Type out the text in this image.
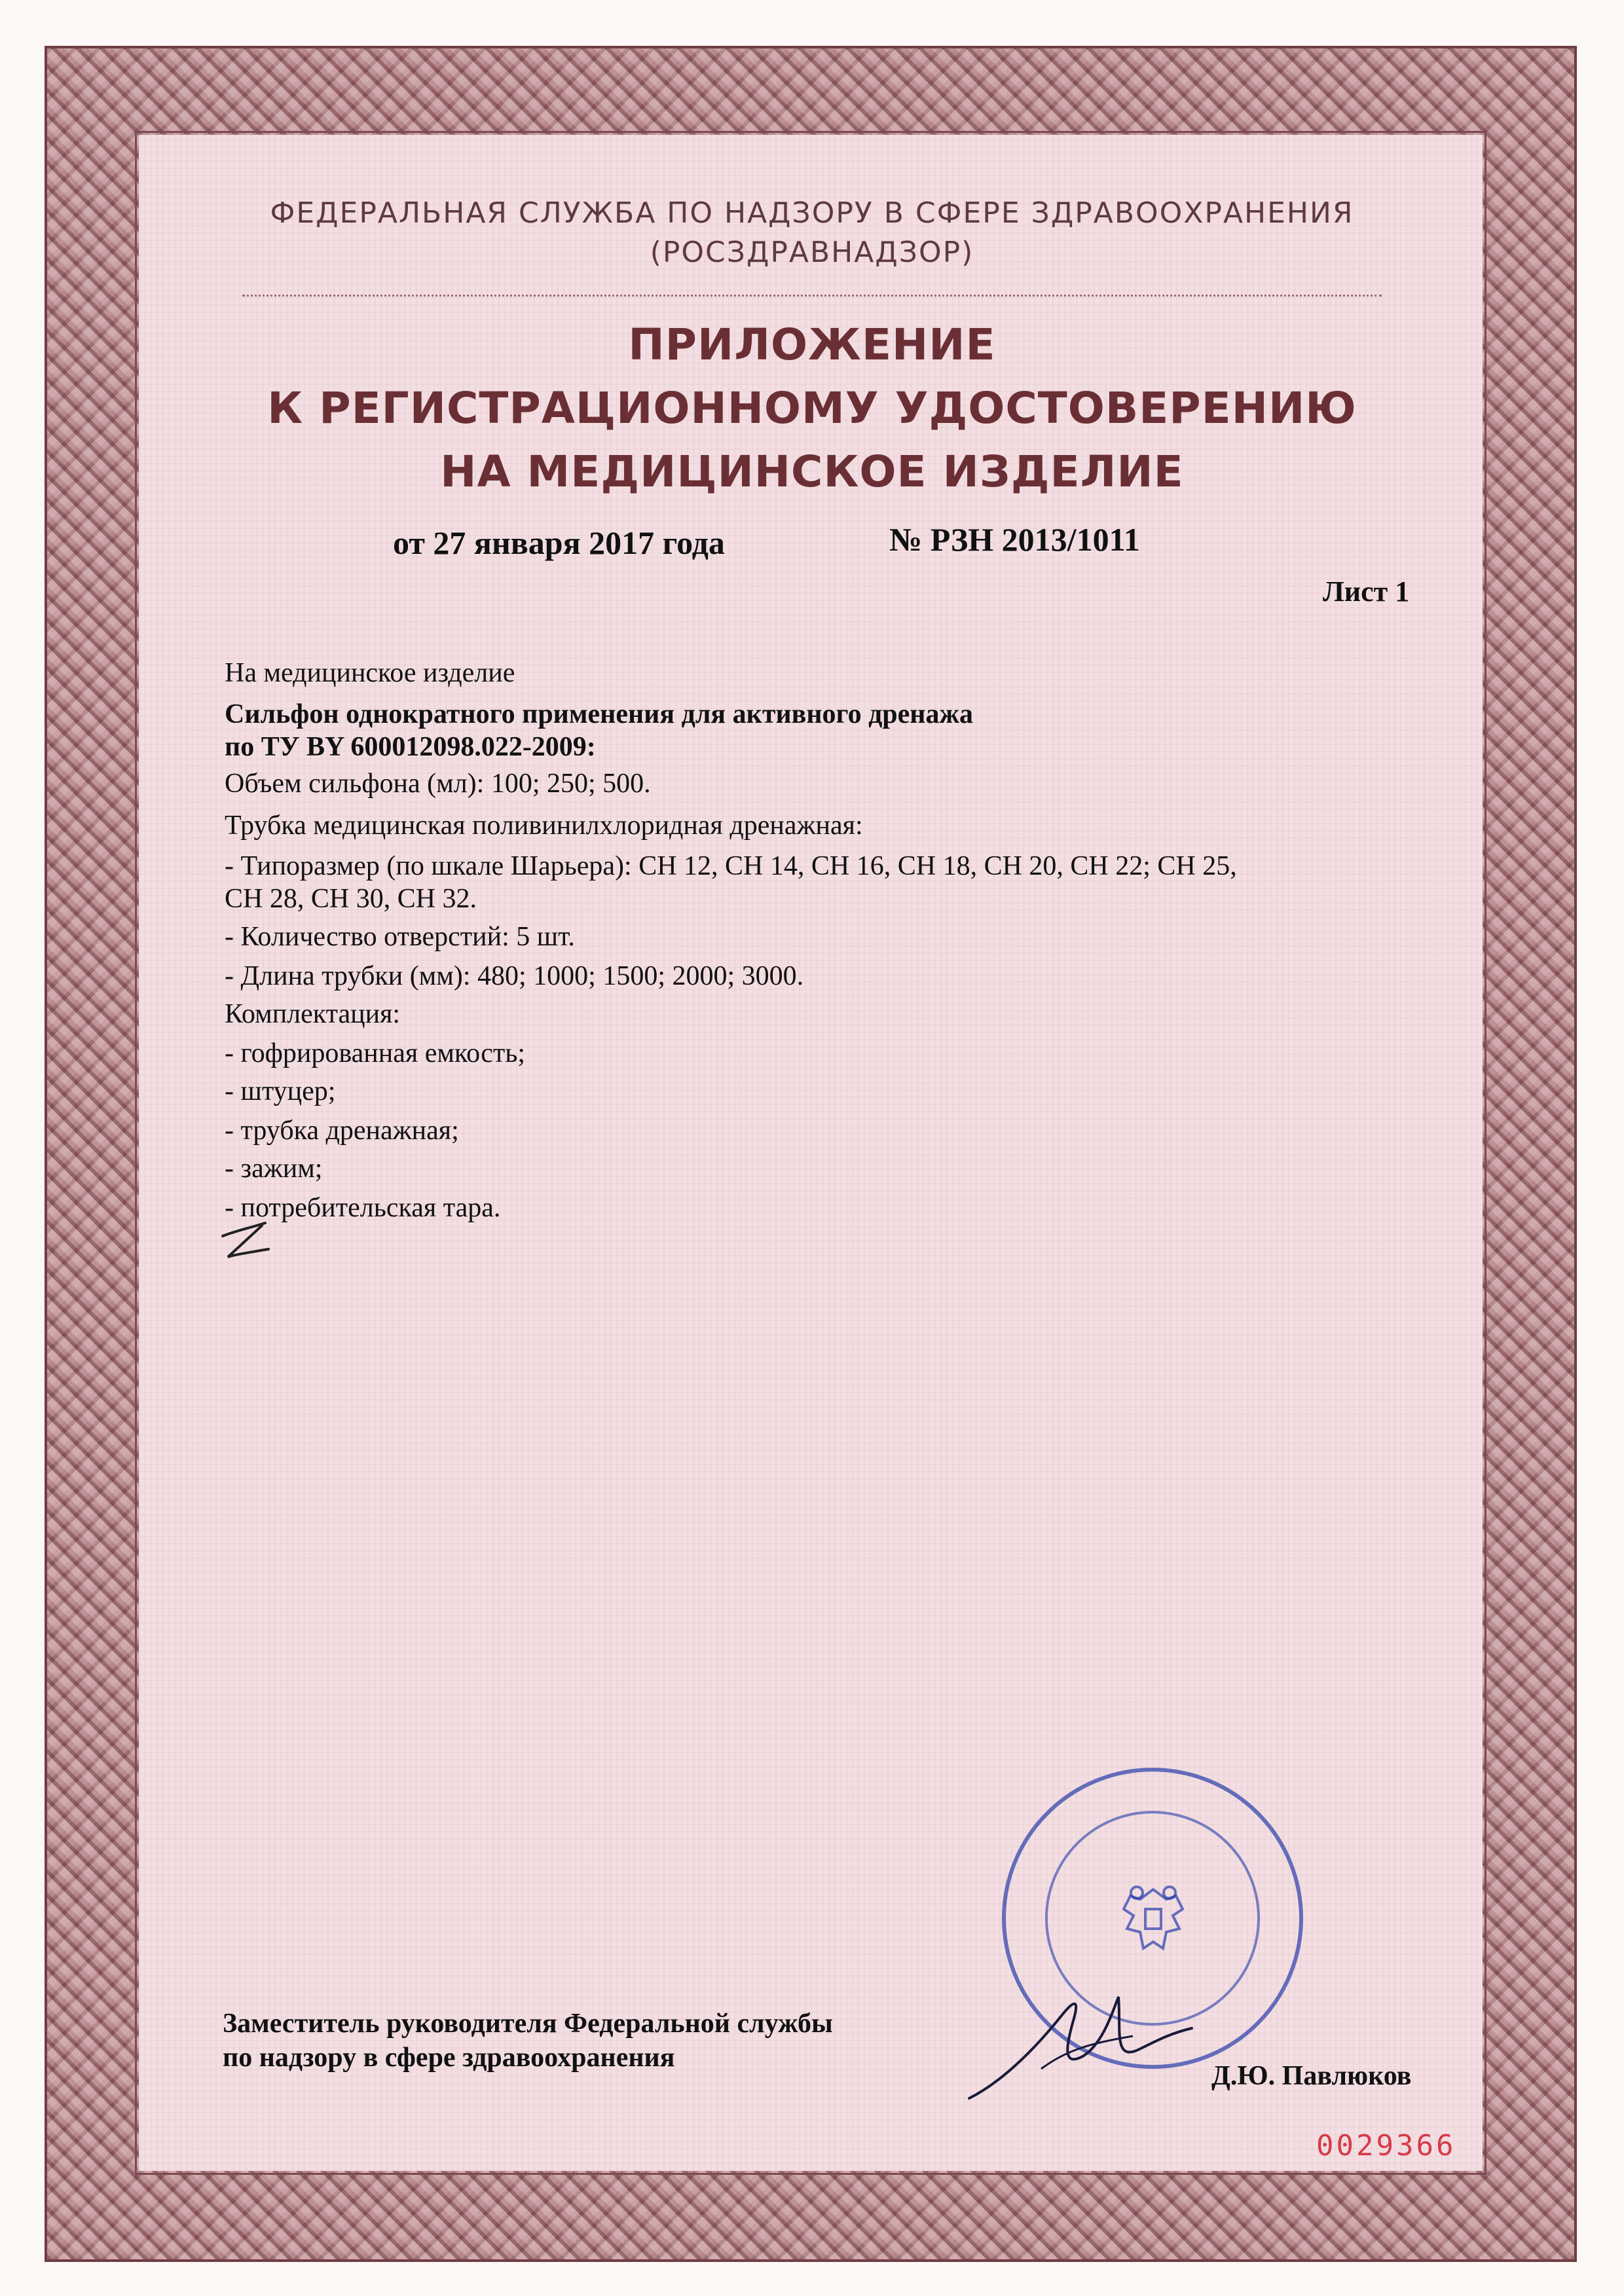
ФЕДЕРАЛЬНАЯ СЛУЖБА ПО НАДЗОРУ В СФЕРЕ ЗДРАВООХРАНЕНИЯ
(РОСЗДРАВНАДЗОР)
ПРИЛОЖЕНИЕ
К РЕГИСТРАЦИОННОМУ УДОСТОВЕРЕНИЮ
НА МЕДИЦИНСКОЕ ИЗДЕЛИЕ
от 27 января 2017 года	№ РЗН 2013/1011
Лист 1
На медицинское изделие
Сильфон однократного применения для активного дренажа
по ТУ BY 600012098.022-2009:
Объем сильфона (мл): 100; 250; 500.
Трубка медицинская поливинилхлоридная дренажная:
- Типоразмер (по шкале Шарьера): СН 12, СН 14, СН 16, СН 18, СН 20, СН 22; СН 25,
СН 28, СН 30, СН 32.
- Количество отверстий: 5 шт.
- Длина трубки (мм): 480; 1000; 1500; 2000; 3000.
Комплектация:
- гофрированная емкость;
- штуцер;
- трубка дренажная;
- зажим;
- потребительская тара.
Заместитель руководителя Федеральной службы
по надзору в сфере здравоохранения
Д.Ю. Павлюков
0029366
